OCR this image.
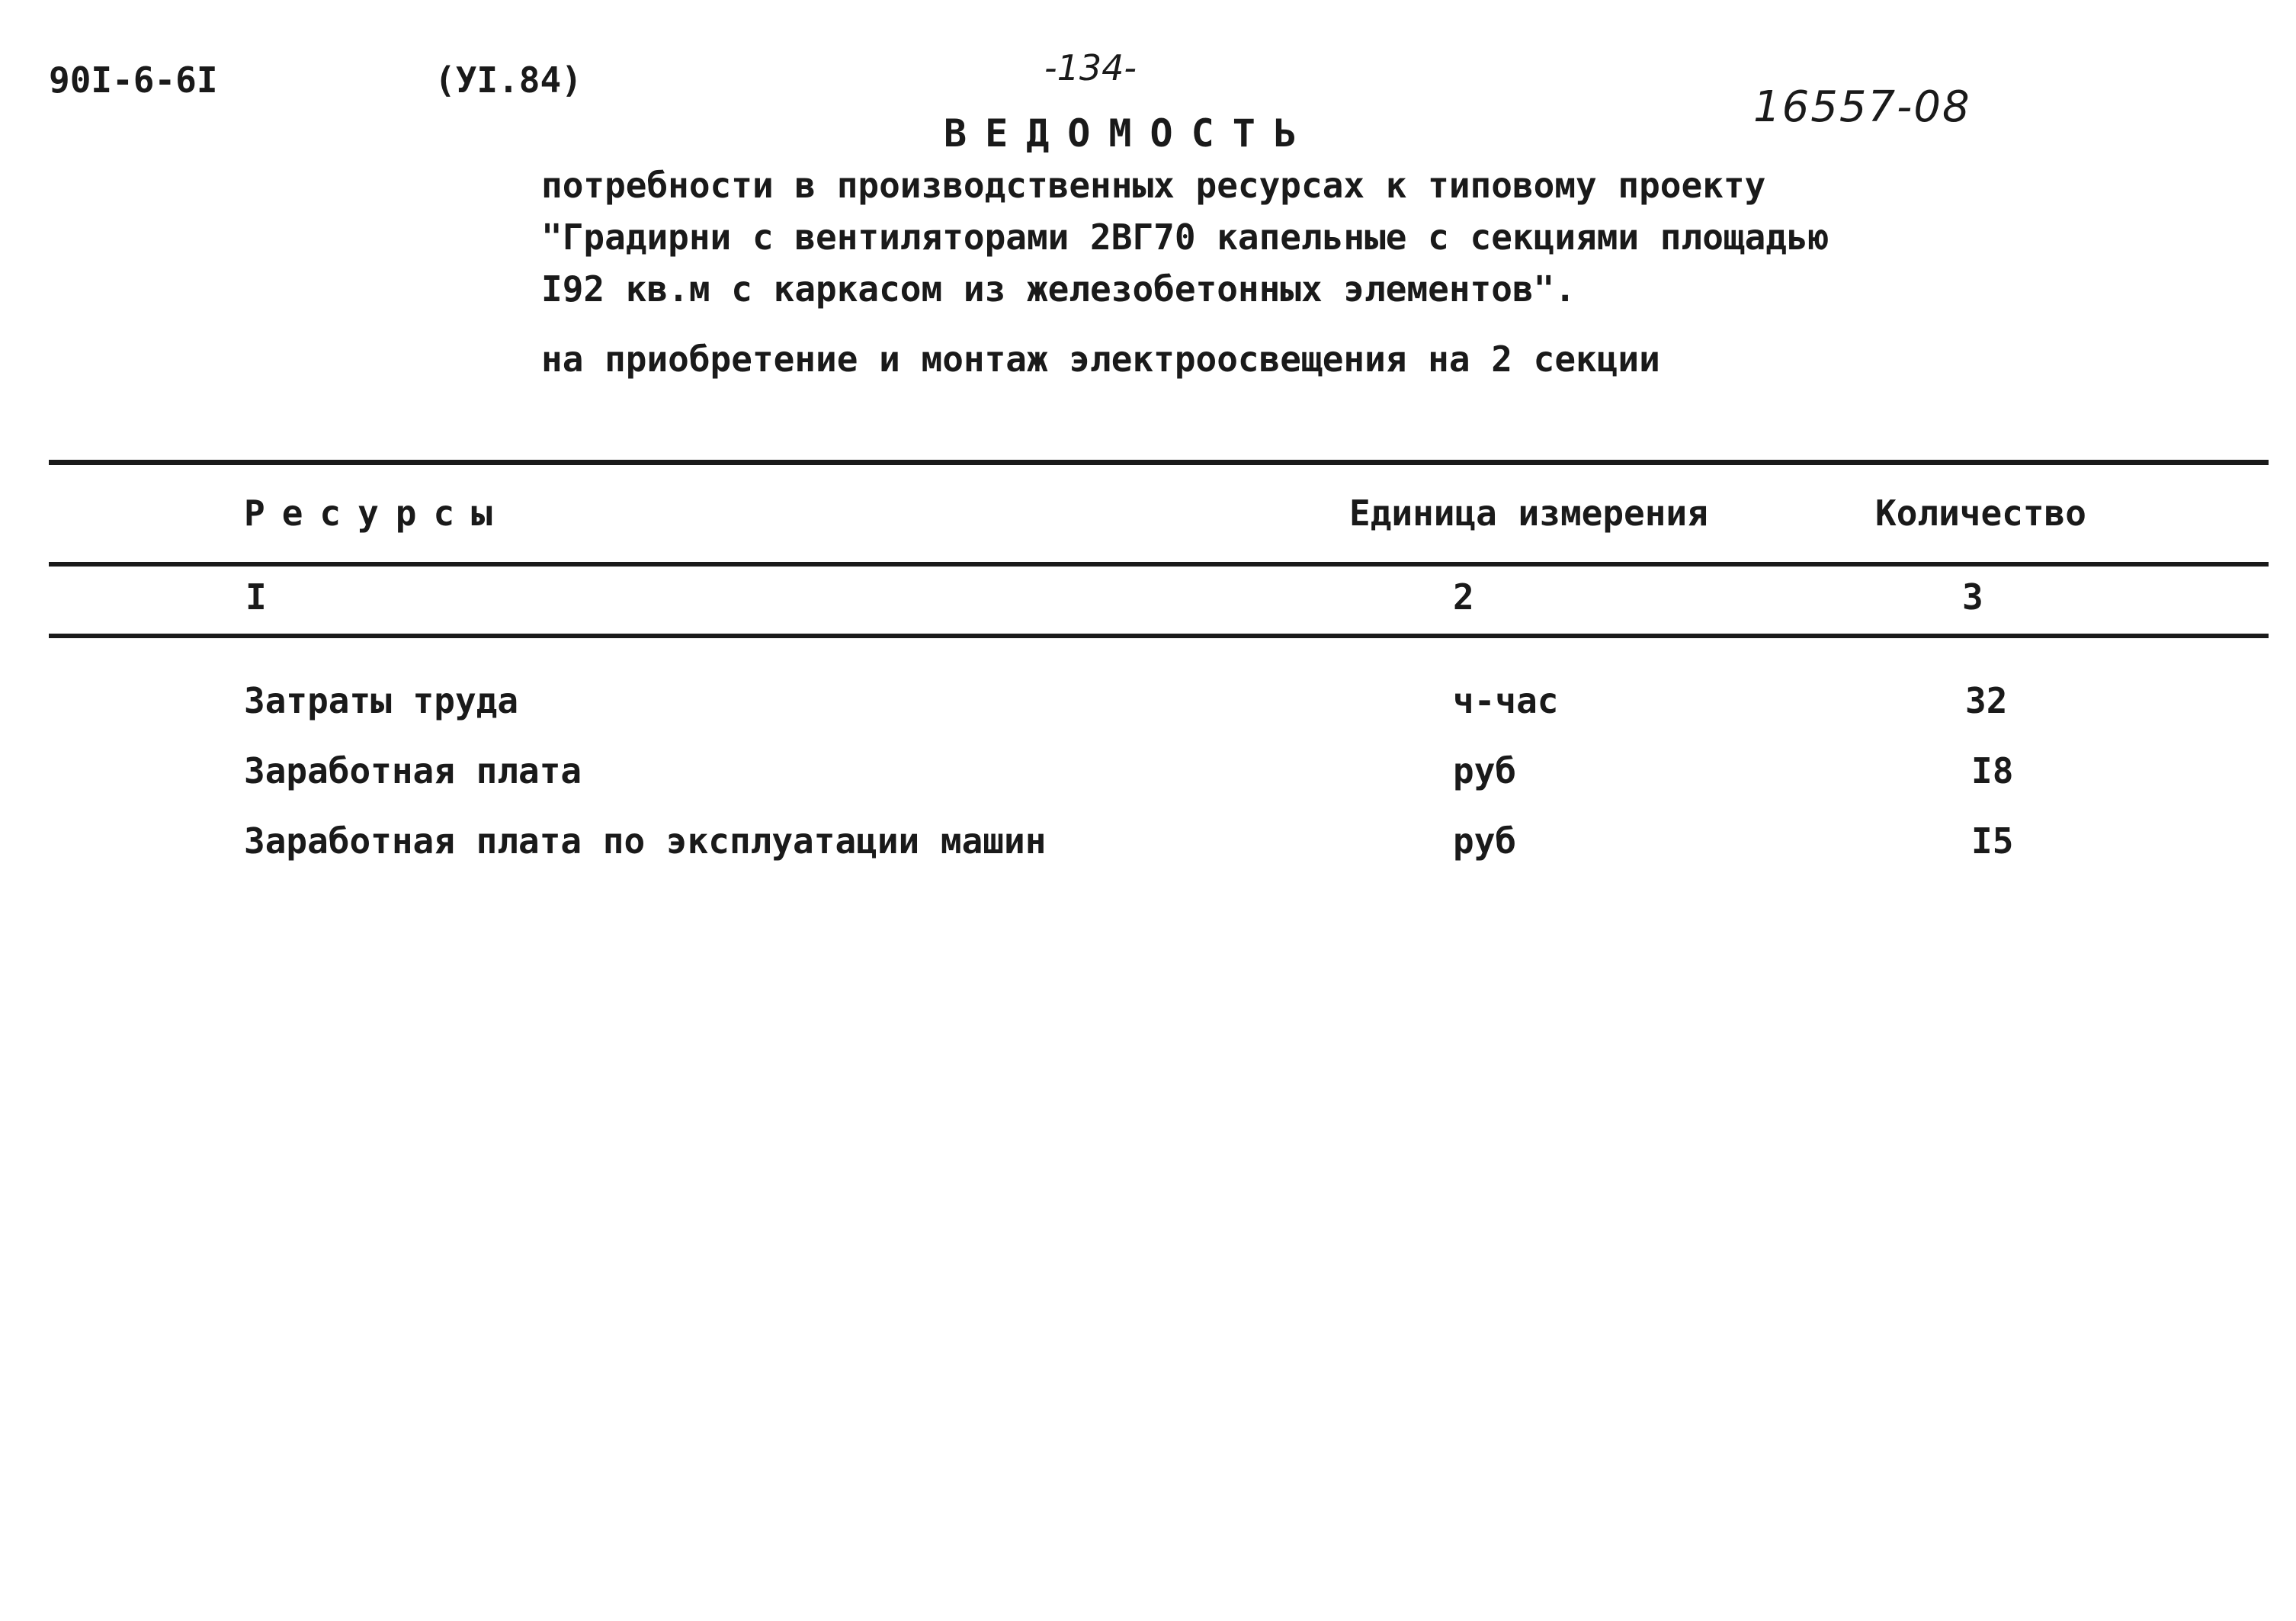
90I-6-6I	(УI.84)	-134-
16557-08
ВЕДОМОСТЬ
потребности в производственных ресурсах к типовому проекту
"Градирни с вентиляторами 2ВГ70 капельные с секциями площадью
I92 кв.м с каркасом из железобетонных элементов".
на приобретение и монтаж электроосвещения на 2 секции
Ресурсы	Единица измерения	Количество
I	2	3
Затраты труда	ч-час	32
Заработная плата	руб	I8
Заработная плата по эксплуатации машин	руб	I5
